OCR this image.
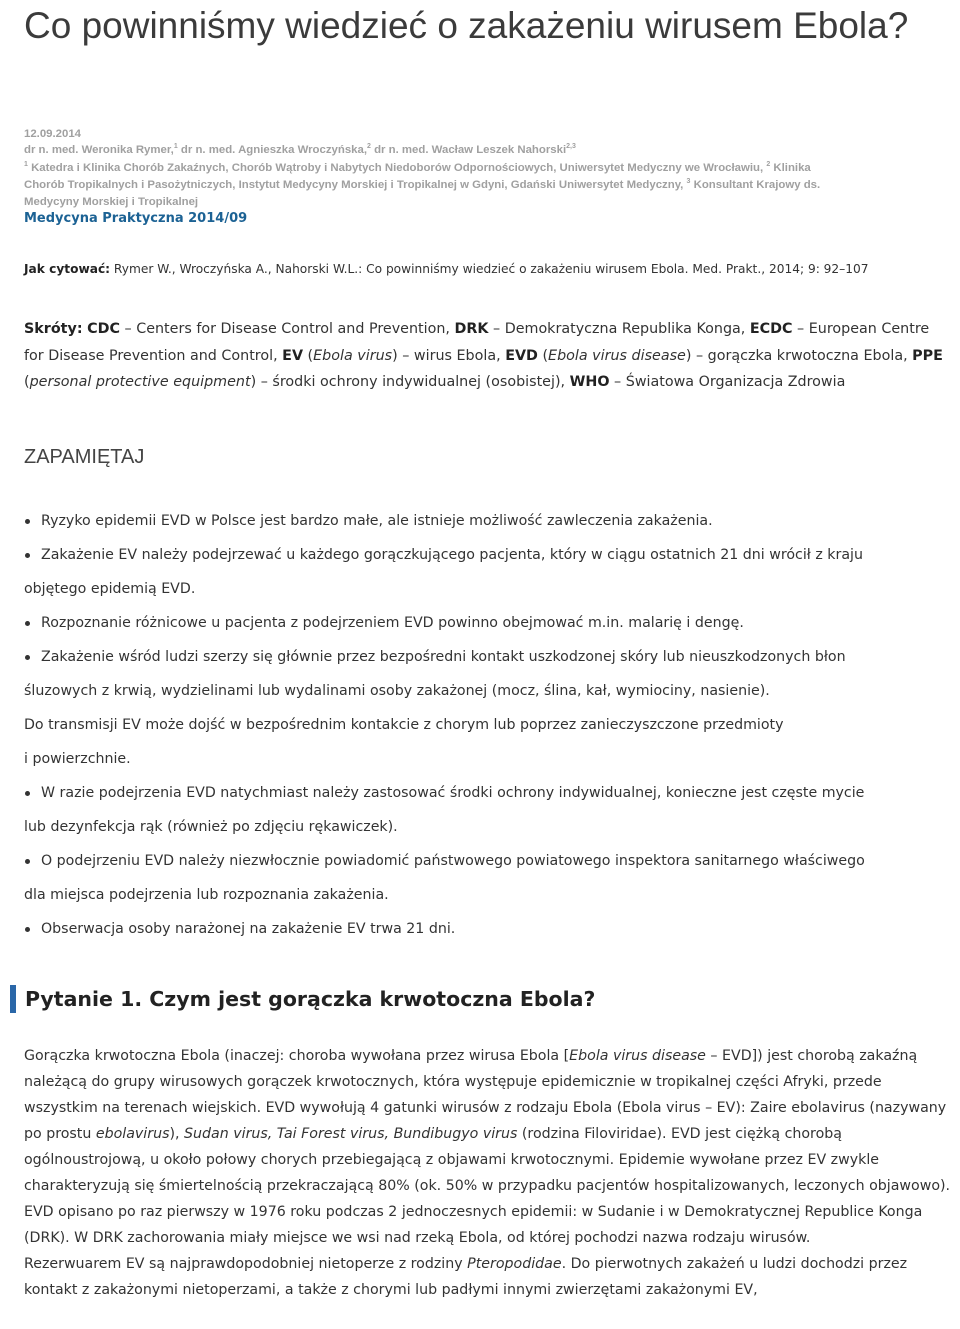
Co powinniśmy wiedzieć o zakażeniu wirusem Ebola?
12.09.2014
dr n. med. Weronika Rymer,$^1$ dr n. med. Agnieszka Wroczyńska,$^2$ dr n. med. Wacław Leszek Nahorski$^{2,3}$
$^1$ Katedra i Klinika Chorób Zakaźnych, Chorób Wątroby i Nabytych Niedoborów Odpornościowych, Uniwersytet Medyczny we Wrocławiu, $^2$ Klinika
Chorób Tropikalnych i Pasożytniczych, Instytut Medycyny Morskiej i Tropikalnej w Gdyni, Gdański Uniwersytet Medyczny, $^3$ Konsultant Krajowy ds.
Medycyny Morskiej i Tropikalnej
Medycyna Praktyczna 2014/09
Jak cytować: Rymer W., Wroczyńska A., Nahorski W.L.: Co powinniśmy wiedzieć o zakażeniu wirusem Ebola. Med. Prakt., 2014; 9: 92–107
Skróty: CDC – Centers for Disease Control and Prevention, DRK – Demokratyczna Republika Konga, ECDC – European Centre for Disease Prevention and Control, EV (Ebola virus) – wirus Ebola, EVD (Ebola virus disease) – gorączka krwotoczna Ebola, PPE (personal protective equipment) – środki ochrony indywidualnej (osobistej), WHO – Światowa Organizacja Zdrowia
ZAPAMIĘTAJ
Ryzyko epidemii EVD w Polsce jest bardzo małe, ale istnieje możliwość zawleczenia zakażenia.
Zakażenie EV należy podejrzewać u każdego gorączkującego pacjenta, który w ciągu ostatnich 21 dni wrócił z kraju
objętego epidemią EVD.
Rozpoznanie różnicowe u pacjenta z podejrzeniem EVD powinno obejmować m.in. malarię i dengę.
Zakażenie wśród ludzi szerzy się głównie przez bezpośredni kontakt uszkodzonej skóry lub nieuszkodzonych błon
śluzowych z krwią, wydzielinami lub wydalinami osoby zakażonej (mocz, ślina, kał, wymiociny, nasienie).
Do transmisji EV może dojść w bezpośrednim kontakcie z chorym lub poprzez zanieczyszczone przedmioty
i powierzchnie.
W razie podejrzenia EVD natychmiast należy zastosować środki ochrony indywidualnej, konieczne jest częste mycie
lub dezynfekcja rąk (również po zdjęciu rękawiczek).
O podejrzeniu EVD należy niezwłocznie powiadomić państwowego powiatowego inspektora sanitarnego właściwego
dla miejsca podejrzenia lub rozpoznania zakażenia.
Obserwacja osoby narażonej na zakażenie EV trwa 21 dni.
Pytanie 1. Czym jest gorączka krwotoczna Ebola?

Gorączka krwotoczna Ebola (inaczej: choroba wywołana przez wirusa Ebola [Ebola virus disease – EVD]) jest chorobą zakaźną należącą do grupy wirusowych gorączek krwotocznych, która występuje epidemicznie w tropikalnej części Afryki, przede wszystkim na terenach wiejskich. EVD wywołują 4 gatunki wirusów z rodzaju Ebola (Ebola virus – EV): Zaire ebolavirus (nazywany po prostu ebolavirus), Sudan virus, Tai Forest virus, Bundibugyo virus (rodzina Filoviridae). EVD jest ciężką chorobą ogólnoustrojową, u około połowy chorych przebiegającą z objawami krwotocznymi. Epidemie wywołane przez EV zwykle charakteryzują się śmiertelnością przekraczającą 80% (ok. 50% w przypadku pacjentów hospitalizowanych, leczonych objawowo). EVD opisano po raz pierwszy w 1976 roku podczas 2 jednoczesnych epidemii: w Sudanie i w Demokratycznej Republice Konga (DRK). W DRK zachorowania miały miejsce we wsi nad rzeką Ebola, od której pochodzi nazwa rodzaju wirusów.

Rezerwuarem EV są najprawdopodobniej nietoperze z rodziny Pteropodidae. Do pierwotnych zakażeń u ludzi dochodzi przez kontakt z zakażonymi nietoperzami, a także z chorymi lub padłymi innymi zwierzętami zakażonymi EV,
